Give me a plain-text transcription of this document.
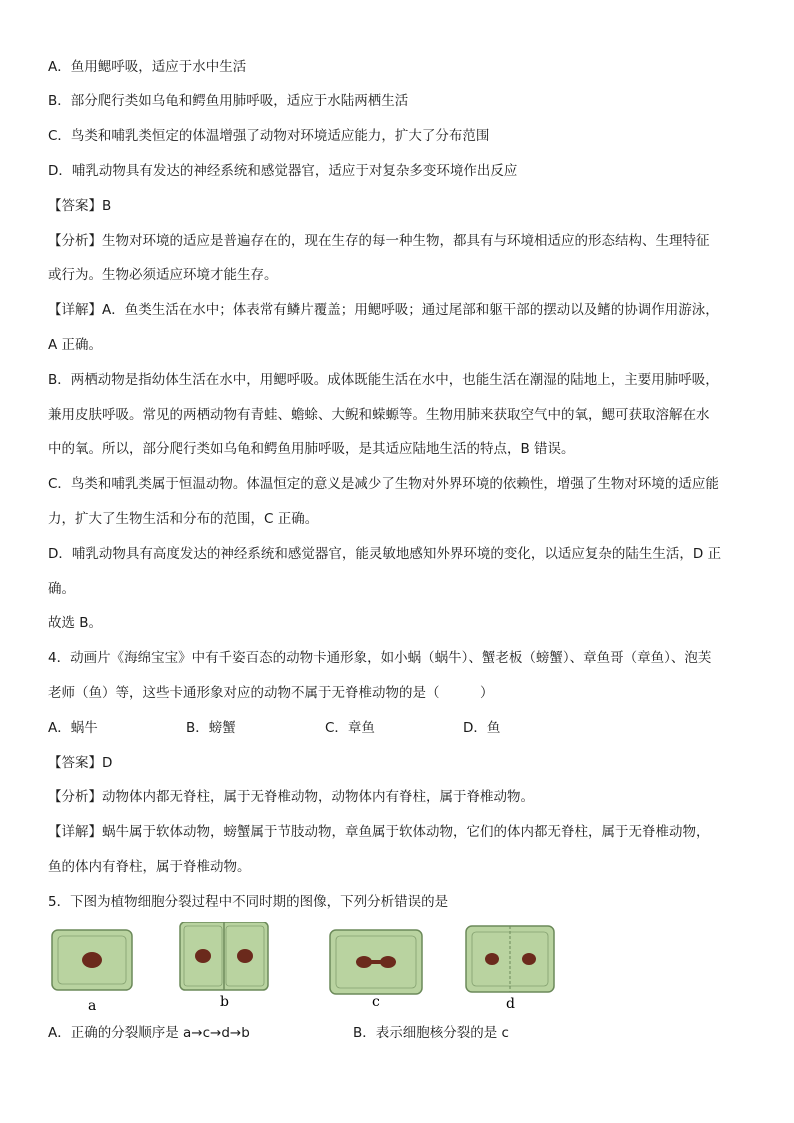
A．鱼用鳃呼吸，适应于水中生活
B．部分爬行类如乌龟和鳄鱼用肺呼吸，适应于水陆两栖生活
C．鸟类和哺乳类恒定的体温增强了动物对环境适应能力，扩大了分布范围
D．哺乳动物具有发达的神经系统和感觉器官，适应于对复杂多变环境作出反应
【答案】B
【分析】生物对环境的适应是普遍存在的，现在生存的每一种生物，都具有与环境相适应的形态结构、生理特征
或行为。生物必须适应环境才能生存。
【详解】A．鱼类生活在水中；体表常有鳞片覆盖；用鳃呼吸；通过尾部和躯干部的摆动以及鳍的协调作用游泳，
A 正确。
B．两栖动物是指幼体生活在水中，用鳃呼吸。成体既能生活在水中，也能生活在潮湿的陆地上，主要用肺呼吸，
兼用皮肤呼吸。常见的两栖动物有青蛙、蟾蜍、大鲵和蝾螈等。生物用肺来获取空气中的氧，鳃可获取溶解在水
中的氧。所以，部分爬行类如乌龟和鳄鱼用肺呼吸，是其适应陆地生活的特点，B 错误。
C．鸟类和哺乳类属于恒温动物。体温恒定的意义是减少了生物对外界环境的依赖性，增强了生物对环境的适应能
力，扩大了生物生活和分布的范围，C 正确。
D．哺乳动物具有高度发达的神经系统和感觉器官，能灵敏地感知外界环境的变化，以适应复杂的陆生生活，D 正
确。
故选 B。
4．动画片《海绵宝宝》中有千姿百态的动物卡通形象，如小蜗（蜗牛）、蟹老板（螃蟹）、章鱼哥（章鱼）、泡芙
老师（鱼）等，这些卡通形象对应的动物不属于无脊椎动物的是（　　　）
A．蜗牛	B．螃蟹	C．章鱼	D．鱼
【答案】D
【分析】动物体内都无脊柱，属于无脊椎动物，动物体内有脊柱，属于脊椎动物。
【详解】蜗牛属于软体动物，螃蟹属于节肢动物，章鱼属于软体动物，它们的体内都无脊柱，属于无脊椎动物，
鱼的体内有脊柱，属于脊椎动物。
5．下图为植物细胞分裂过程中不同时期的图像，下列分析错误的是
a	b	c	d
A．正确的分裂顺序是 a→c→d→b	B．表示细胞核分裂的是 c
